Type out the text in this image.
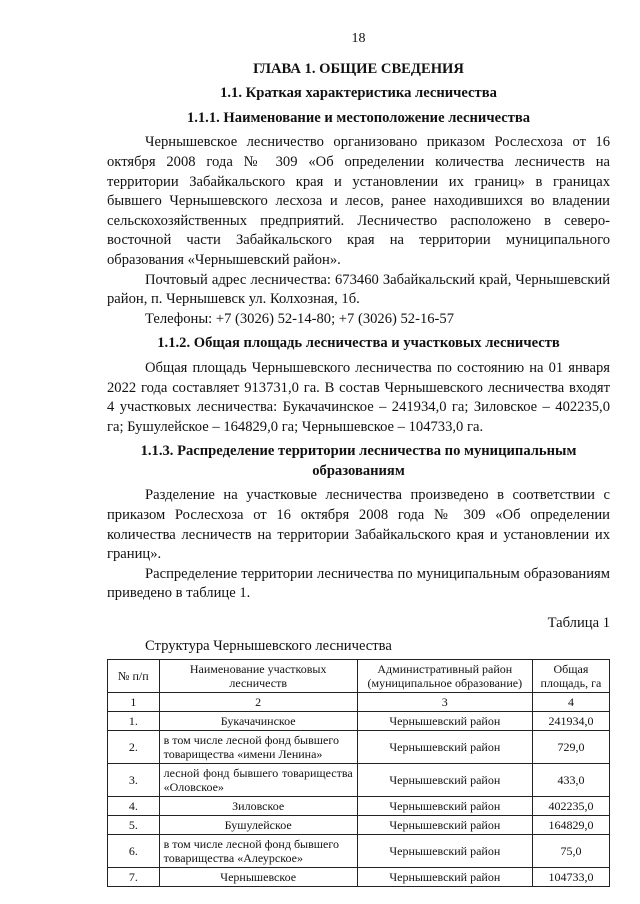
18
ГЛАВА 1. ОБЩИЕ СВЕДЕНИЯ
1.1. Краткая характеристика лесничества
1.1.1. Наименование и местоположение лесничества

Чернышевское лесничество организовано приказом Рослесхоза от 16 октября 2008 года № 309 «Об определении количества лесничеств на территории Забайкальского края и установлении их границ» в границах бывшего Чернышевского лесхоза и лесов, ранее находившихся во владении сельскохозяйственных предприятий. Лесничество расположено в северо-восточной части Забайкальского края на территории муниципального образования «Чернышевский район».

Почтовый адрес лесничества: 673460 Забайкальский край, Чернышевский район, п. Чернышевск ул. Колхозная, 1б.

Телефоны: +7 (3026) 52-14-80; +7 (3026) 52-16-57

1.1.2. Общая площадь лесничества и участковых лесничеств

Общая площадь Чернышевского лесничества по состоянию на 01 января 2022 года составляет 913731,0 га. В состав Чернышевского лесничества входят 4 участковых лесничества: Букачачинское – 241934,0 га; Зиловское – 402235,0 га; Бушулейское – 164829,0 га; Чернышевское – 104733,0 га.

1.1.3. Распределение территории лесничества по муниципальным образованиям

Разделение на участковые лесничества произведено в соответствии с приказом Рослесхоза от 16 октября 2008 года № 309 «Об определении количества лесничеств на территории Забайкальского края и установлении их границ».

Распределение территории лесничества по муниципальным образованиям приведено в таблице 1.

Таблица 1

Структура Чернышевского лесничества

№ п/п	Наименование участковых лесничеств	Административный район (муниципальное образование)	Общая площадь, га
1	2	3	4
1.	Букачачинское	Чернышевский район	241934,0
2.	в том числе лесной фонд бывшего товарищества «имени Ленина»	Чернышевский район	729,0
3.	лесной фонд бывшего товарищества «Оловское»	Чернышевский район	433,0
4.	Зиловское	Чернышевский район	402235,0
5.	Бушулейское	Чернышевский район	164829,0
6.	в том числе лесной фонд бывшего товарищества «Алеурское»	Чернышевский район	75,0
7.	Чернышевское	Чернышевский район	104733,0
